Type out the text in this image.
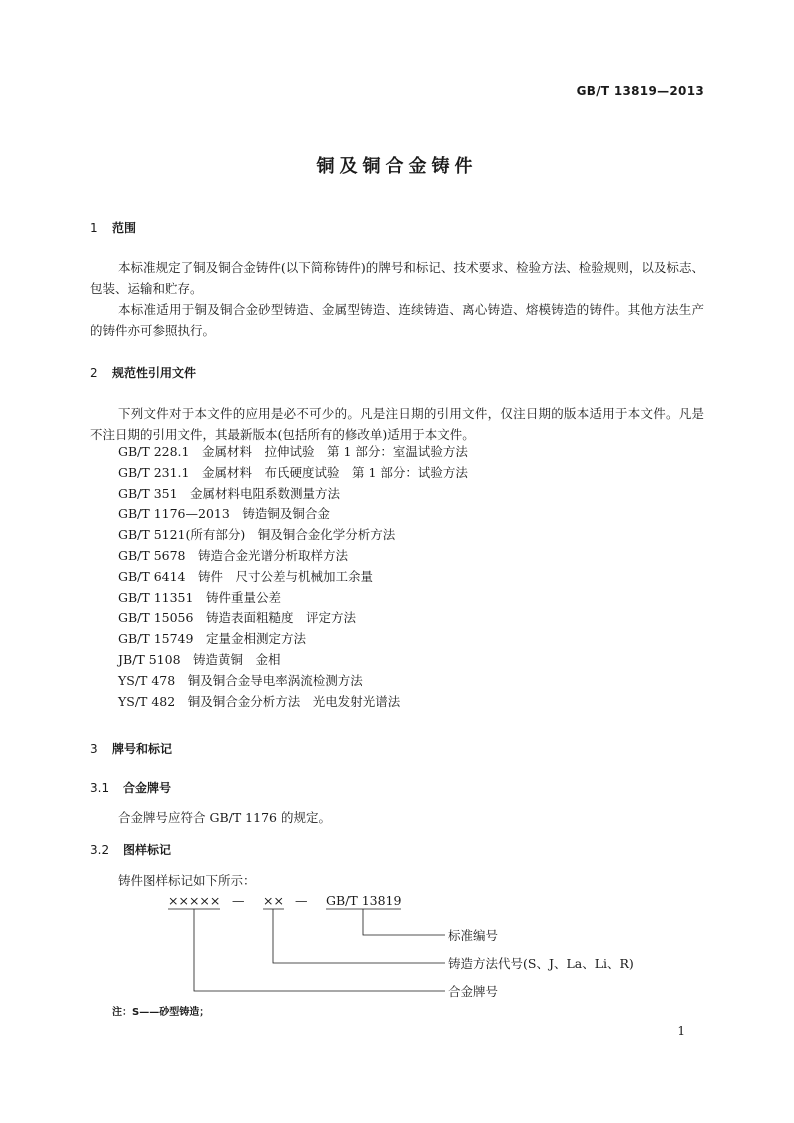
GB/T 13819—2013
铜及铜合金铸件
1 范围

本标准规定了铜及铜合金铸件(以下简称铸件)的牌号和标记、技术要求、检验方法、检验规则，以及标志、包装、运输和贮存。

本标准适用于铜及铜合金砂型铸造、金属型铸造、连续铸造、离心铸造、熔模铸造的铸件。其他方法生产的铸件亦可参照执行。

2 规范性引用文件

下列文件对于本文件的应用是必不可少的。凡是注日期的引用文件，仅注日期的版本适用于本文件。凡是不注日期的引用文件，其最新版本(包括所有的修改单)适用于本文件。

GB/T 228.1　金属材料　拉伸试验　第 1 部分：室温试验方法
GB/T 231.1　金属材料　布氏硬度试验　第 1 部分：试验方法
GB/T 351　金属材料电阻系数测量方法
GB/T 1176—2013　铸造铜及铜合金
GB/T 5121(所有部分)　铜及铜合金化学分析方法
GB/T 5678　铸造合金光谱分析取样方法
GB/T 6414　铸件　尺寸公差与机械加工余量
GB/T 11351　铸件重量公差
GB/T 15056　铸造表面粗糙度　评定方法
GB/T 15749　定量金相测定方法
JB/T 5108　铸造黄铜　金相
YS/T 478　铜及铜合金导电率涡流检测方法
YS/T 482　铜及铜合金分析方法　光电发射光谱法
3 牌号和标记
3.1 合金牌号
合金牌号应符合 GB/T 1176 的规定。
3.2 图样标记
铸件图样标记如下所示：
××××× — ×× — GB/T 13819
标准编号
铸造方法代号(S、J、La、Li、R)
合金牌号
注：S——砂型铸造；
1
